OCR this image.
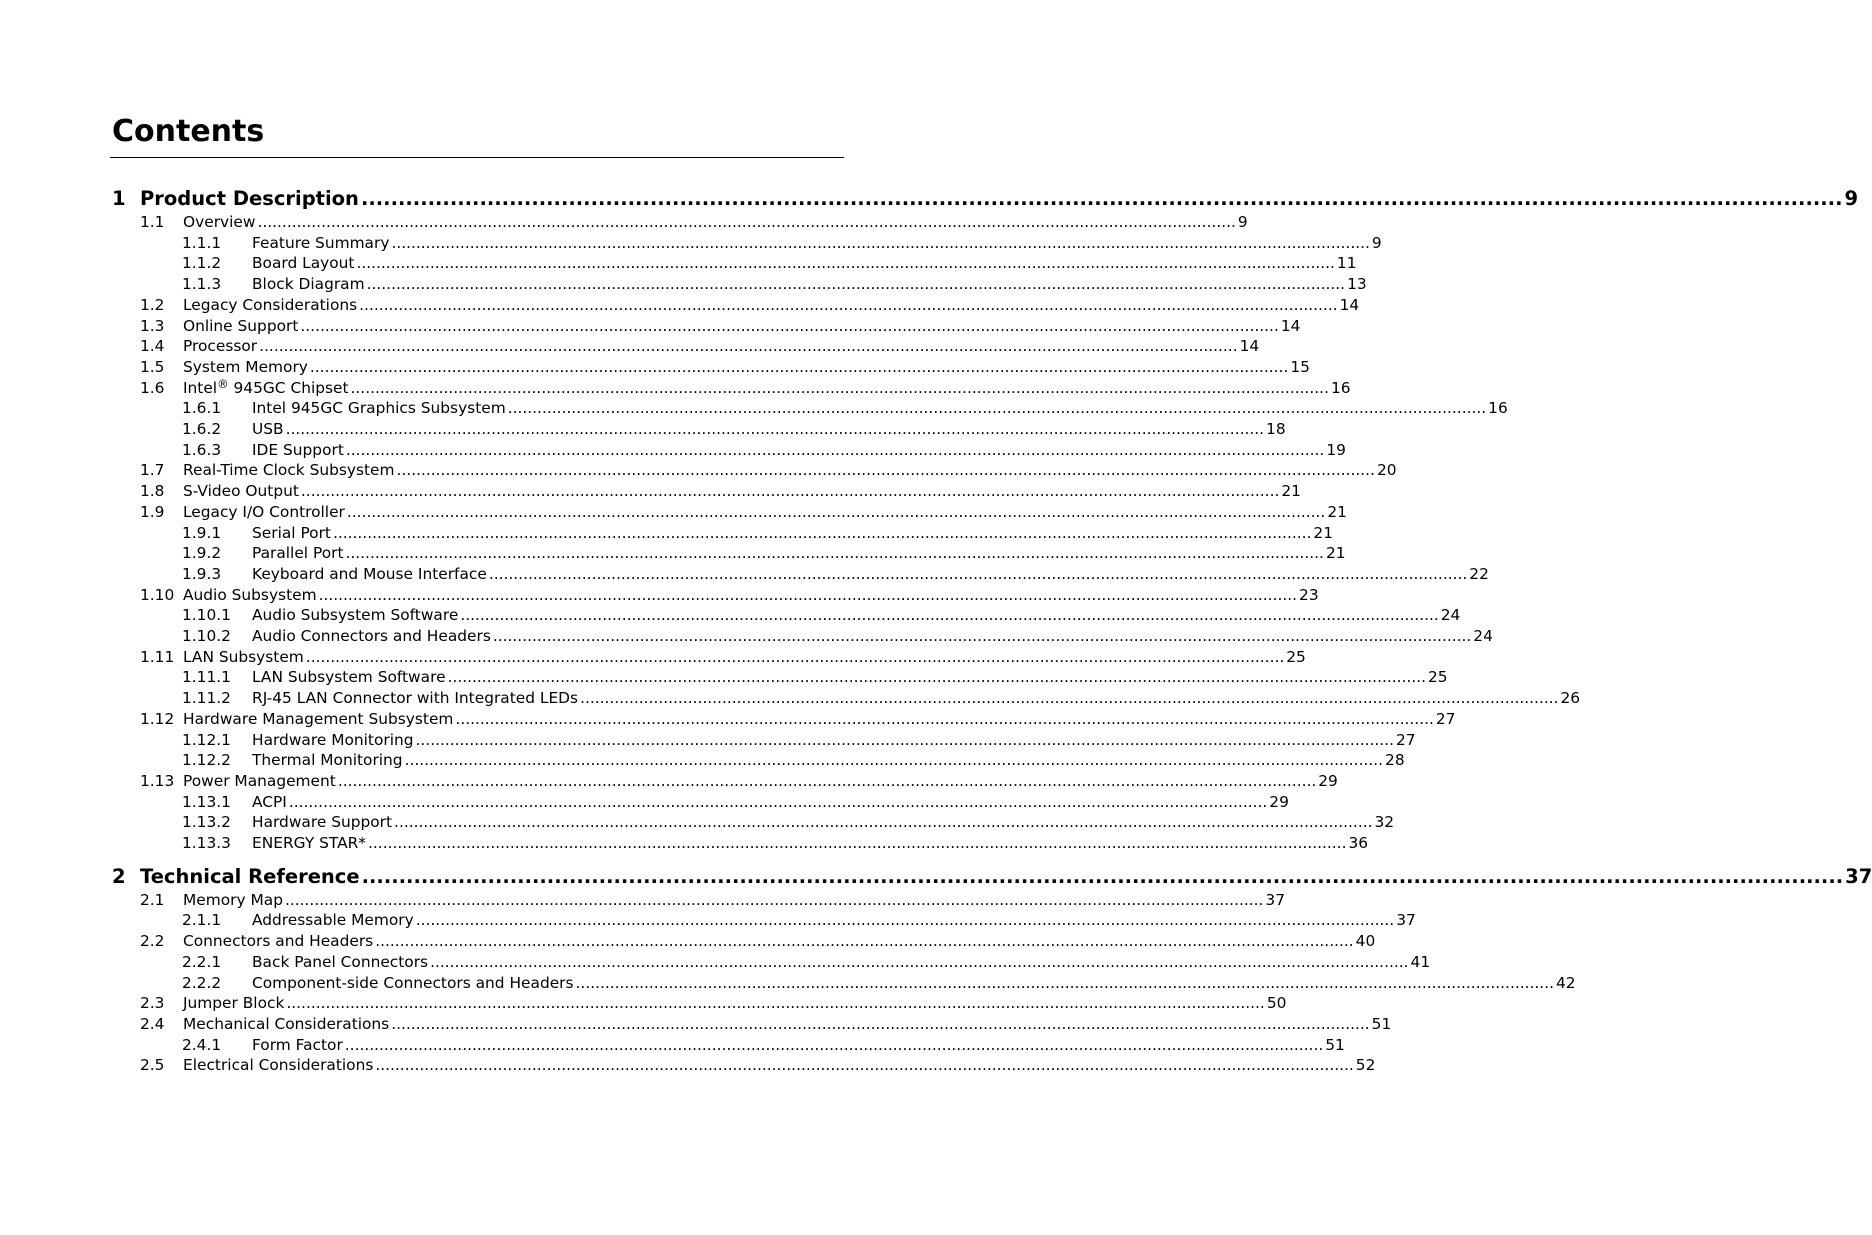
Contents
1 Product Description ........................................................................................................................................................................................................ 9
1.1	Overview ........................................................................................................................................................................................................ 9
1.1.1	Feature Summary ........................................................................................................................................................................................................ 9
1.1.2	Board Layout ........................................................................................................................................................................................................ 11
1.1.3	Block Diagram ........................................................................................................................................................................................................ 13
1.2	Legacy Considerations ........................................................................................................................................................................................................ 14
1.3	Online Support ........................................................................................................................................................................................................ 14
1.4	Processor ........................................................................................................................................................................................................ 14
1.5	System Memory ........................................................................................................................................................................................................ 15
1.6	Intel® 945GC Chipset ........................................................................................................................................................................................................ 16
1.6.1	Intel 945GC Graphics Subsystem ........................................................................................................................................................................................................ 16
1.6.2	USB ........................................................................................................................................................................................................ 18
1.6.3	IDE Support ........................................................................................................................................................................................................ 19
1.7	Real-Time Clock Subsystem ........................................................................................................................................................................................................ 20
1.8	S-Video Output ........................................................................................................................................................................................................ 21
1.9	Legacy I/O Controller ........................................................................................................................................................................................................ 21
1.9.1	Serial Port ........................................................................................................................................................................................................ 21
1.9.2	Parallel Port ........................................................................................................................................................................................................ 21
1.9.3	Keyboard and Mouse Interface ........................................................................................................................................................................................................ 22
1.10 Audio Subsystem ........................................................................................................................................................................................................ 23
1.10.1	Audio Subsystem Software ........................................................................................................................................................................................................ 24
1.10.2	Audio Connectors and Headers ........................................................................................................................................................................................................ 24
1.11 LAN Subsystem ........................................................................................................................................................................................................ 25
1.11.1	LAN Subsystem Software ........................................................................................................................................................................................................ 25
1.11.2	RJ-45 LAN Connector with Integrated LEDs ........................................................................................................................................................................................................ 26
1.12 Hardware Management Subsystem ........................................................................................................................................................................................................ 27
1.12.1	Hardware Monitoring ........................................................................................................................................................................................................ 27
1.12.2	Thermal Monitoring ........................................................................................................................................................................................................ 28
1.13 Power Management ........................................................................................................................................................................................................ 29
1.13.1	ACPI ........................................................................................................................................................................................................ 29
1.13.2	Hardware Support ........................................................................................................................................................................................................ 32
1.13.3	ENERGY STAR* ........................................................................................................................................................................................................ 36
2 Technical Reference ........................................................................................................................................................................................................ 37
2.1	Memory Map ........................................................................................................................................................................................................ 37
2.1.1	Addressable Memory ........................................................................................................................................................................................................ 37
2.2	Connectors and Headers ........................................................................................................................................................................................................ 40
2.2.1	Back Panel Connectors ........................................................................................................................................................................................................ 41
2.2.2	Component-side Connectors and Headers ........................................................................................................................................................................................................ 42
2.3	Jumper Block ........................................................................................................................................................................................................ 50
2.4	Mechanical Considerations ........................................................................................................................................................................................................ 51
2.4.1	Form Factor ........................................................................................................................................................................................................ 51
2.5	Electrical Considerations ........................................................................................................................................................................................................ 52
